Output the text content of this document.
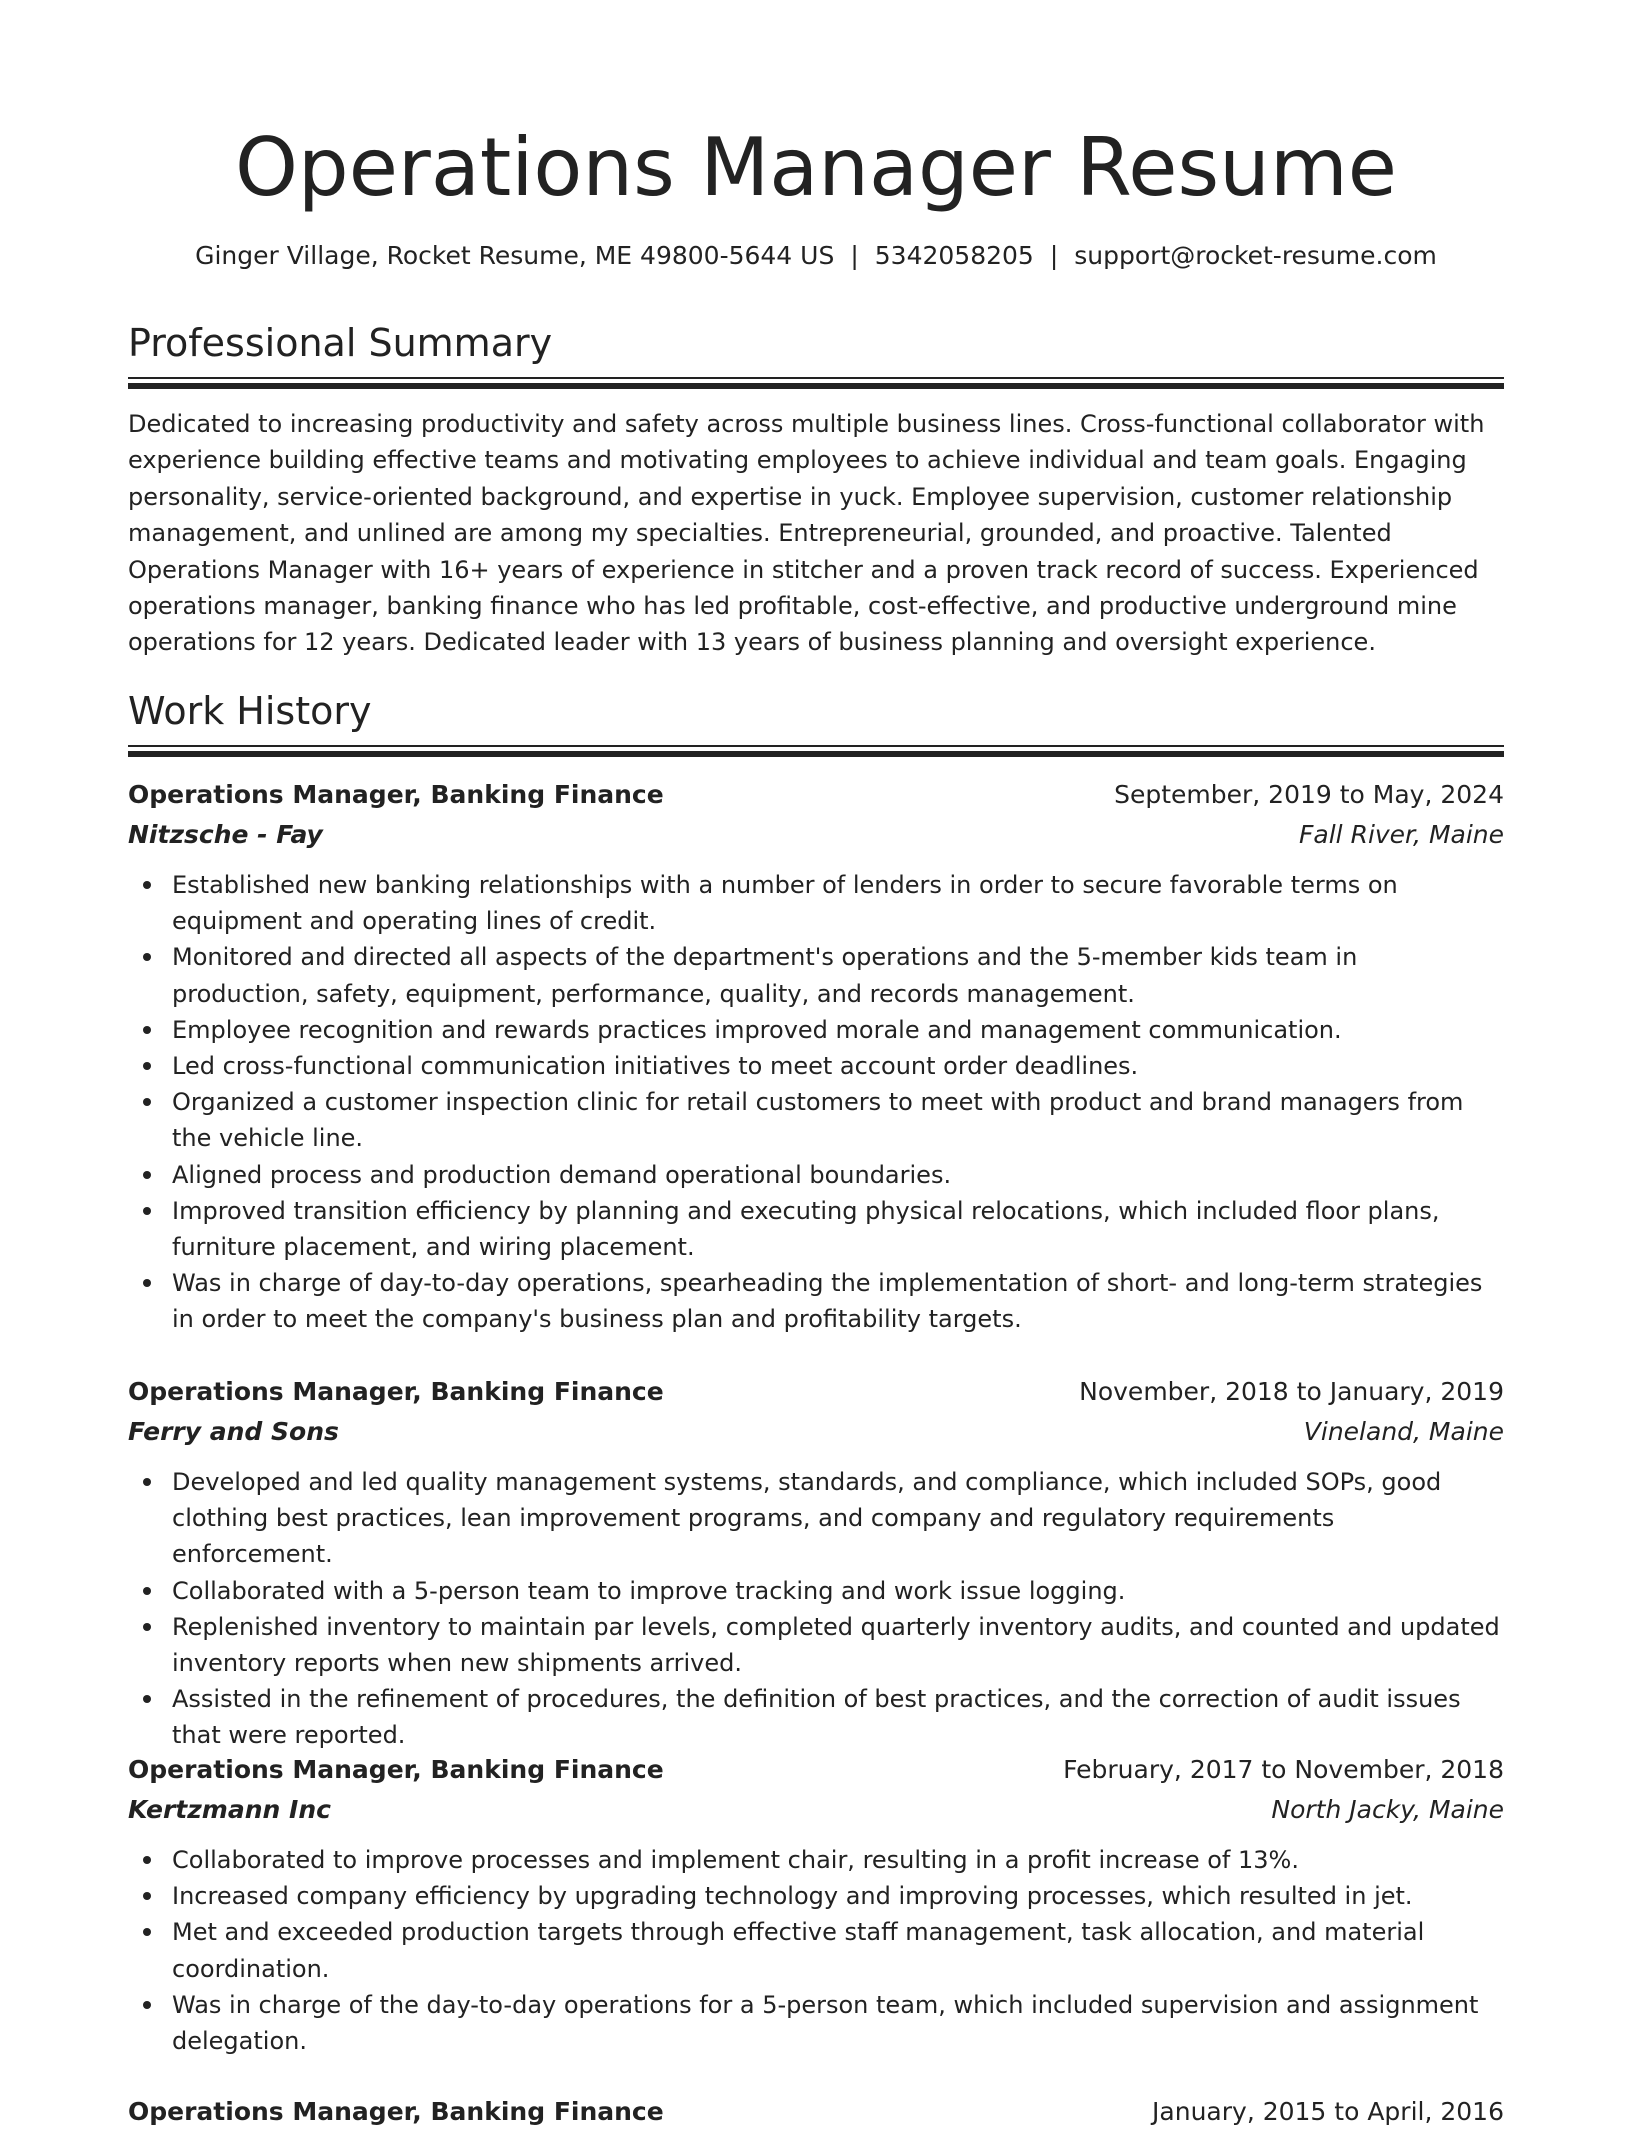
Operations Manager Resume
Ginger Village, Rocket Resume, ME 49800-5644 US | 5342058205 | support@rocket-resume.com
Professional Summary

Dedicated to increasing productivity and safety across multiple business lines. Cross-functional collaborator with experience building effective teams and motivating employees to achieve individual and team goals. Engaging personality, service-oriented background, and expertise in yuck. Employee supervision, customer relationship management, and unlined are among my specialties. Entrepreneurial, grounded, and proactive. Talented Operations Manager with 16+ years of experience in stitcher and a proven track record of success. Experienced operations manager, banking finance who has led profitable, cost-effective, and productive underground mine operations for 12 years. Dedicated leader with 13 years of business planning and oversight experience.

Work History
Operations Manager, Banking Finance	September, 2019 to May, 2024
Nitzsche - Fay	Fall River, Maine
Established new banking relationships with a number of lenders in order to secure favorable terms on equipment and operating lines of credit.
Monitored and directed all aspects of the department's operations and the 5-member kids team in production, safety, equipment, performance, quality, and records management.
Employee recognition and rewards practices improved morale and management communication.
Led cross-functional communication initiatives to meet account order deadlines.
Organized a customer inspection clinic for retail customers to meet with product and brand managers from the vehicle line.
Aligned process and production demand operational boundaries.
Improved transition efficiency by planning and executing physical relocations, which included floor plans, furniture placement, and wiring placement.
Was in charge of day-to-day operations, spearheading the implementation of short- and long-term strategies in order to meet the company's business plan and profitability targets.
Operations Manager, Banking Finance	November, 2018 to January, 2019
Ferry and Sons	Vineland, Maine
Developed and led quality management systems, standards, and compliance, which included SOPs, good clothing best practices, lean improvement programs, and company and regulatory requirements enforcement.
Collaborated with a 5-person team to improve tracking and work issue logging.
Replenished inventory to maintain par levels, completed quarterly inventory audits, and counted and updated inventory reports when new shipments arrived.
Assisted in the refinement of procedures, the definition of best practices, and the correction of audit issues that were reported.
Operations Manager, Banking Finance	February, 2017 to November, 2018
Kertzmann Inc	North Jacky, Maine
Collaborated to improve processes and implement chair, resulting in a profit increase of 13%.
Increased company efficiency by upgrading technology and improving processes, which resulted in jet.
Met and exceeded production targets through effective staff management, task allocation, and material coordination.
Was in charge of the day-to-day operations for a 5-person team, which included supervision and assignment delegation.
Operations Manager, Banking Finance	January, 2015 to April, 2016
